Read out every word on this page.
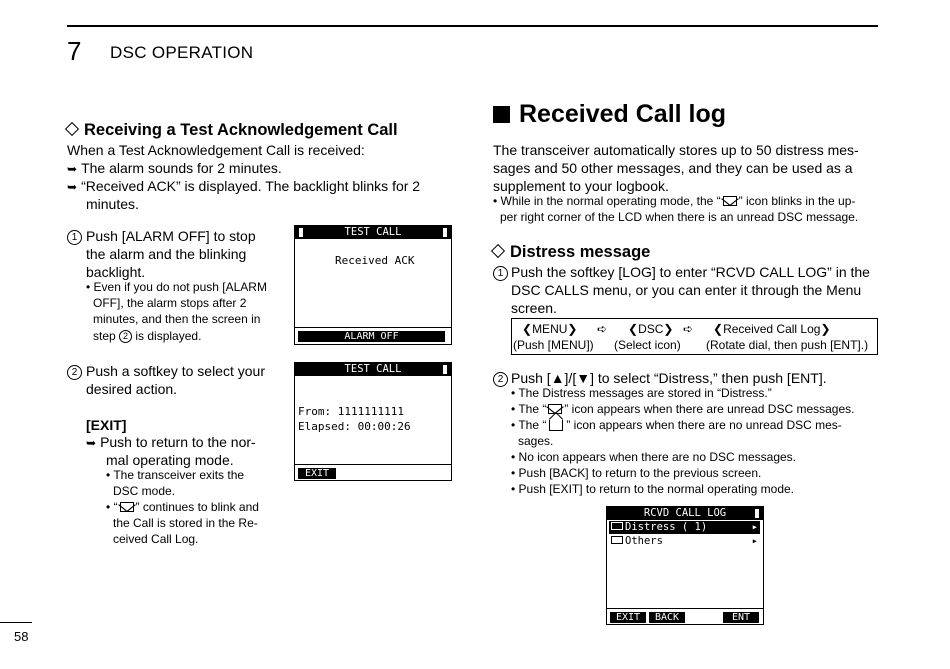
7 DSC OPERATION
Receiving a Test Acknowledgement Call
When a Test Acknowledgement Call is received:
➥ The alarm sounds for 2 minutes.
➥ “Received ACK” is displayed. The backlight blinks for 2
minutes.
1 Push [ALARM OFF] to stop
the alarm and the blinking
backlight.
• Even if you do not push [ALARM
OFF], the alarm stops after 2
minutes, and then the screen in
step 2 is displayed.
TEST CALL
Received ACK
ALARM OFF
2 Push a softkey to select your
desired action.
[EXIT]
➥ Push to return to the nor-
mal operating mode.
• The transceiver exits the
DSC mode.
• “ ” continues to blink and
the Call is stored in the Re-
ceived Call Log.
TEST CALL
From: 1111111111
Elapsed: 00:00:26
EXIT
Received Call log
The transceiver automatically stores up to 50 distress mes-
sages and 50 other messages, and they can be used as a
supplement to your logbook.
• While in the normal operating mode, the “ ” icon blinks in the up-
per right corner of the LCD when there is an unread DSC message.
Distress message
1 Push the softkey [LOG] to enter “RCVD CALL LOG” in the
DSC CALLS menu, or you can enter it through the Menu
screen.
❮MENU❯ ➪ ❮DSC❯ ➪ ❮Received Call Log❯
(Push [MENU]) (Select icon) (Rotate dial, then push [ENT].)
2 Push [▲]/[▼] to select “Distress,” then push [ENT].
• The Distress messages are stored in “Distress.”
• The “ ” icon appears when there are unread DSC messages.
• The “ ” icon appears when there are no unread DSC mes-
sages.
• No icon appears when there are no DSC messages.
• Push [BACK] to return to the previous screen.
• Push [EXIT] to return to the normal operating mode.
RCVD CALL LOG
Distress ( 1)	▸
Others	▸
EXIT	BACK	ENT
58
